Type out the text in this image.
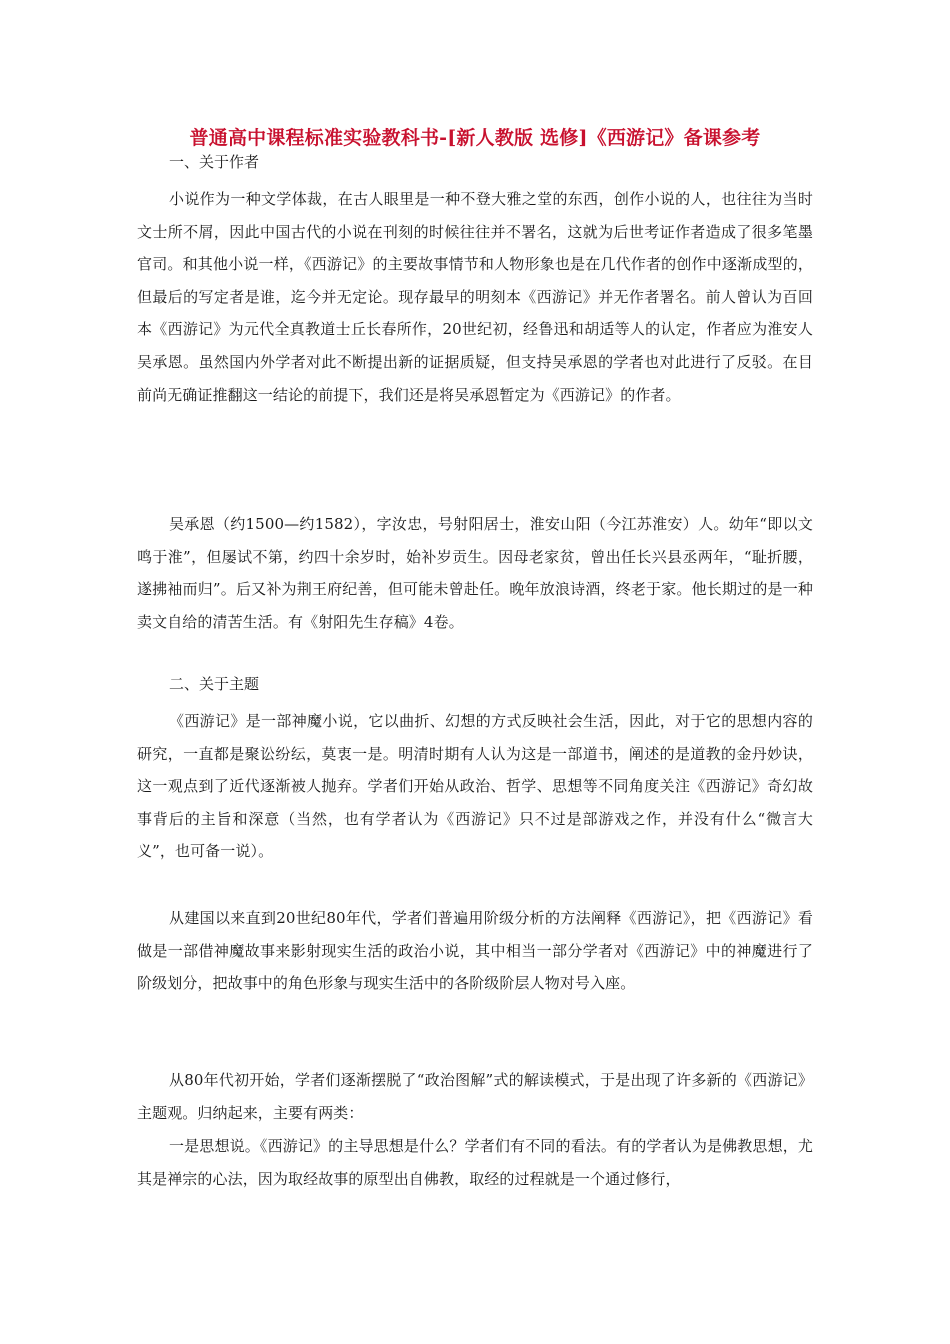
普通高中课程标准实验教科书-[新人教版 选修]《西游记》备课参考
一、关于作者
小说作为一种文学体裁，在古人眼里是一种不登大雅之堂的东西，创作小说的人，也往往为当时文士所不屑，因此中国古代的小说在刊刻的时候往往并不署名，这就为后世考证作者造成了很多笔墨官司。和其他小说一样，《西游记》的主要故事情节和人物形象也是在几代作者的创作中逐渐成型的，但最后的写定者是谁，迄今并无定论。现存最早的明刻本《西游记》并无作者署名。前人曾认为百回本《西游记》为元代全真教道士丘长春所作，20世纪初，经鲁迅和胡适等人的认定，作者应为淮安人吴承恩。虽然国内外学者对此不断提出新的证据质疑，但支持吴承恩的学者也对此进行了反驳。在目前尚无确证推翻这一结论的前提下，我们还是将吴承恩暂定为《西游记》的作者。
吴承恩（约1500—约1582），字汝忠，号射阳居士，淮安山阳（今江苏淮安）人。幼年“即以文鸣于淮”，但屡试不第，约四十余岁时，始补岁贡生。因母老家贫，曾出任长兴县丞两年，“耻折腰，遂拂袖而归”。后又补为荆王府纪善，但可能未曾赴任。晚年放浪诗酒，终老于家。他长期过的是一种卖文自给的清苦生活。有《射阳先生存稿》4卷。
二、关于主题
《西游记》是一部神魔小说，它以曲折、幻想的方式反映社会生活，因此，对于它的思想内容的研究，一直都是聚讼纷纭，莫衷一是。明清时期有人认为这是一部道书，阐述的是道教的金丹妙诀，这一观点到了近代逐渐被人抛弃。学者们开始从政治、哲学、思想等不同角度关注《西游记》奇幻故事背后的主旨和深意（当然，也有学者认为《西游记》只不过是部游戏之作，并没有什么“微言大义”，也可备一说）。
从建国以来直到20世纪80年代，学者们普遍用阶级分析的方法阐释《西游记》，把《西游记》看做是一部借神魔故事来影射现实生活的政治小说，其中相当一部分学者对《西游记》中的神魔进行了阶级划分，把故事中的角色形象与现实生活中的各阶级阶层人物对号入座。
从80年代初开始，学者们逐渐摆脱了“政治图解”式的解读模式，于是出现了许多新的《西游记》主题观。归纳起来，主要有两类：
一是思想说。《西游记》的主导思想是什么？学者们有不同的看法。有的学者认为是佛教思想，尤其是禅宗的心法，因为取经故事的原型出自佛教，取经的过程就是一个通过修行，
